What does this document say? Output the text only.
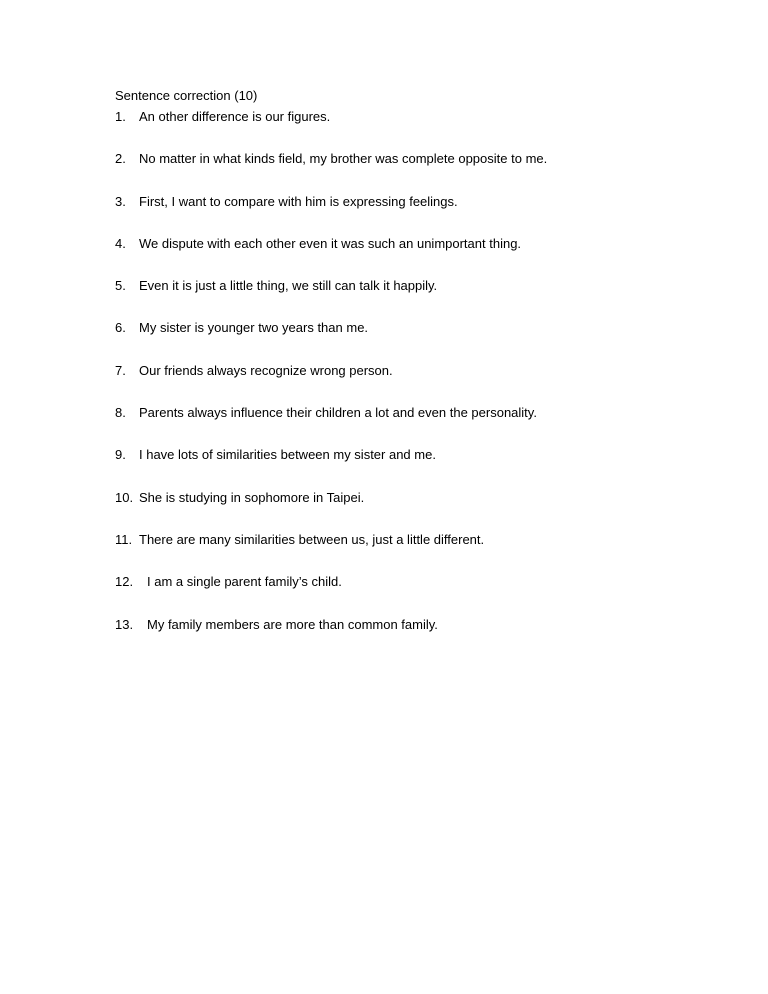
Sentence correction (10)
1. An other difference is our figures.
2. No matter in what kinds field, my brother was complete opposite to me.
3. First, I want to compare with him is expressing feelings.
4. We dispute with each other even it was such an unimportant thing.
5. Even it is just a little thing, we still can talk it happily.
6. My sister is younger two years than me.
7. Our friends always recognize wrong person.
8. Parents always influence their children a lot and even the personality.
9. I have lots of similarities between my sister and me.
10. She is studying in sophomore in Taipei.
11. There are many similarities between us, just a little different.
12. I am a single parent family’s child.
13. My family members are more than common family.
